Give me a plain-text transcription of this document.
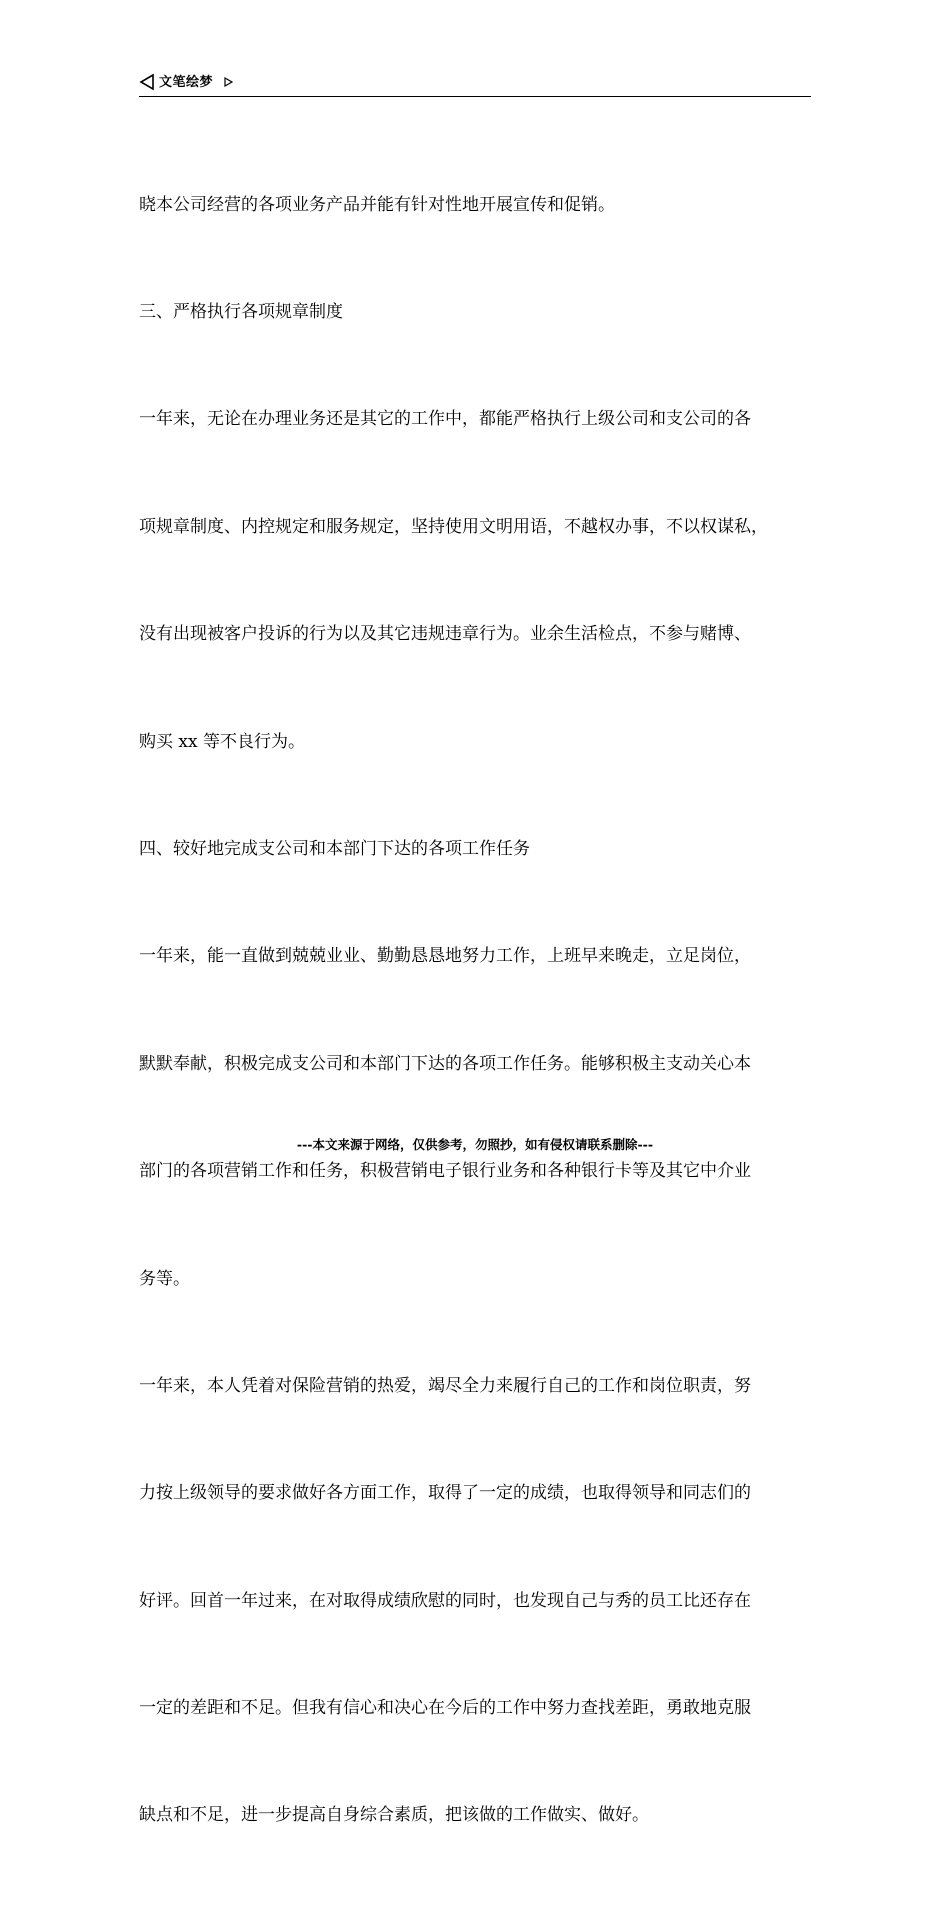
文笔绘梦

晓本公司经营的各项业务产品并能有针对性地开展宣传和促销。

三、严格执行各项规章制度

一年来，无论在办理业务还是其它的工作中，都能严格执行上级公司和支公司的各

项规章制度、内控规定和服务规定，坚持使用文明用语，不越权办事，不以权谋私，

没有出现被客户投诉的行为以及其它违规违章行为。业余生活检点，不参与赌博、

购买 xx 等不良行为。

四、较好地完成支公司和本部门下达的各项工作任务

一年来，能一直做到兢兢业业、勤勤恳恳地努力工作，上班早来晚走，立足岗位，

默默奉献，积极完成支公司和本部门下达的各项工作任务。能够积极主支动关心本

部门的各项营销工作和任务，积极营销电子银行业务和各种银行卡等及其它中介业

务等。

一年来，本人凭着对保险营销的热爱，竭尽全力来履行自己的工作和岗位职责，努

力按上级领导的要求做好各方面工作，取得了一定的成绩，也取得领导和同志们的

好评。回首一年过来，在对取得成绩欣慰的同时，也发现自己与秀的员工比还存在

一定的差距和不足。但我有信心和决心在今后的工作中努力查找差距，勇敢地克服

缺点和不足，进一步提高自身综合素质，把该做的工作做实、做好。

---本文来源于网络，仅供参考，勿照抄，如有侵权请联系删除---
